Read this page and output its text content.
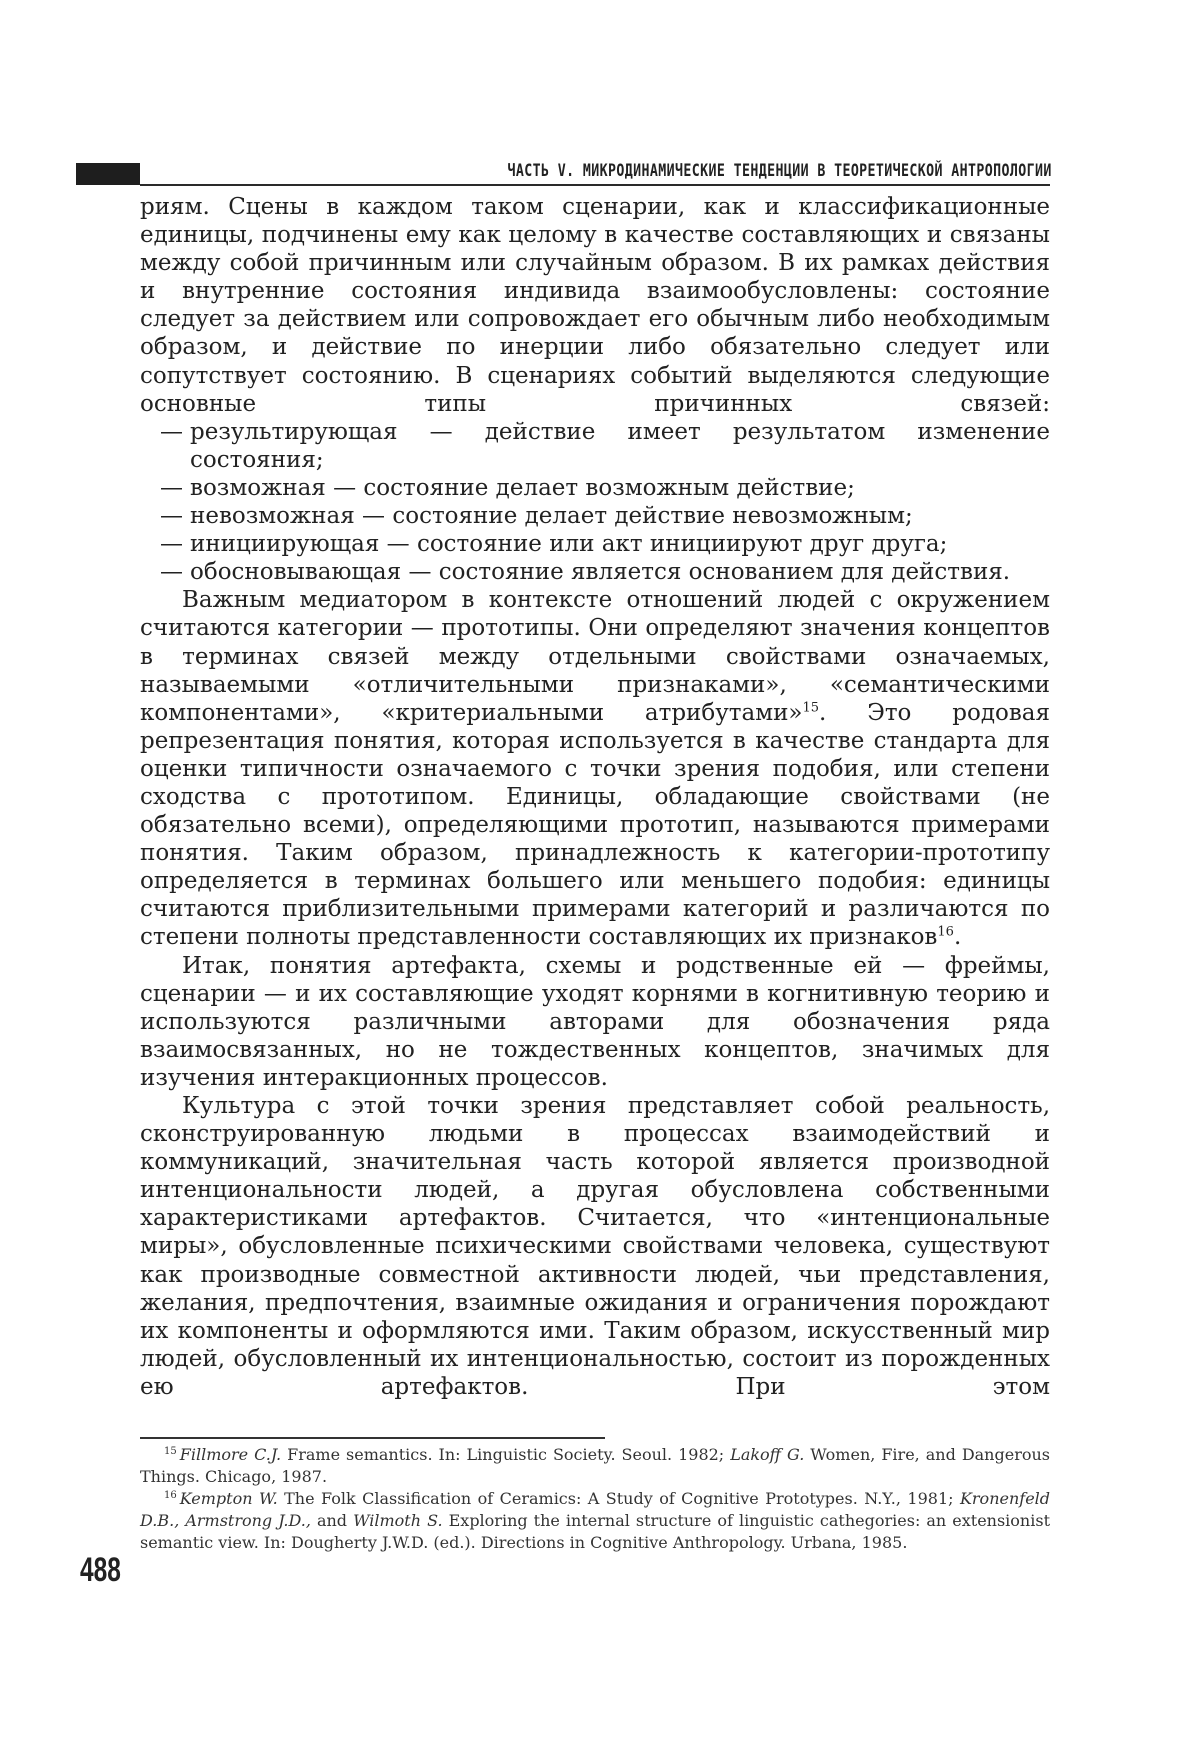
ЧАСТЬ V. МИКРОДИНАМИЧЕСКИЕ ТЕНДЕНЦИИ В ТЕОРЕТИЧЕСКОЙ АНТРОПОЛОГИИ

риям. Сцены в каждом таком сценарии, как и классификационные единицы, подчинены ему как целому в качестве составляющих и связаны между собой причинным или случайным образом. В их рамках действия и внутренние состояния индивида взаимообусловлены: состояние следует за действием или сопровождает его обычным либо необходимым образом, и действие по инерции либо обязательно следует или сопутствует состоянию. В сценариях событий выделяются следующие основные типы причинных связей:

— результирующая — действие имеет результатом изменение состояния;
— возможная — состояние делает возможным действие;
— невозможная — состояние делает действие невозможным;
— инициирующая — состояние или акт инициируют друг друга;
— обосновывающая — состояние является основанием для действия.

Важным медиатором в контексте отношений людей с окружением считаются категории — прототипы. Они определяют значения концептов в терминах связей между отдельными свойствами означаемых, называемыми «отличительными признаками», «семантическими компонентами», «критериальными атрибутами»15. Это родовая репрезентация понятия, которая используется в качестве стандарта для оценки типичности означаемого с точки зрения подобия, или степени сходства с прототипом. Единицы, обладающие свойствами (не обязательно всеми), определяющими прототип, называются примерами понятия. Таким образом, принадлежность к категории-прототипу определяется в терминах большего или меньшего подобия: единицы считаются приблизительными примерами категорий и различаются по степени полноты представленности составляющих их признаков16.

Итак, понятия артефакта, схемы и родственные ей — фреймы, сценарии — и их составляющие уходят корнями в когнитивную теорию и используются различными авторами для обозначения ряда взаимосвязанных, но не тождественных концептов, значимых для изучения интеракционных процессов.

Культура с этой точки зрения представляет собой реальность, сконструированную людьми в процессах взаимодействий и коммуникаций, значительная часть которой является производной интенциональности людей, а другая обусловлена собственными характеристиками артефактов. Считается, что «интенциональные миры», обусловленные психическими свойствами человека, существуют как производные совместной активности людей, чьи представления, желания, предпочтения, взаимные ожидания и ограничения порождают их компоненты и оформляются ими. Таким образом, искусственный мир людей, обусловленный их интенциональностью, состоит из порожденных ею артефактов. При этом

15 Fillmore C.J. Frame semantics. In: Linguistic Society. Seoul. 1982; Lakoff G. Women, Fire, and Dangerous Things. Chicago, 1987.

16 Kempton W. The Folk Classification of Ceramics: A Study of Cognitive Prototypes. N.Y., 1981; Kronenfeld D.B., Armstrong J.D., and Wilmoth S. Exploring the internal structure of linguistic cathegories: an extensionist semantic view. In: Dougherty J.W.D. (ed.). Directions in Cognitive Anthropology. Urbana, 1985.

488
